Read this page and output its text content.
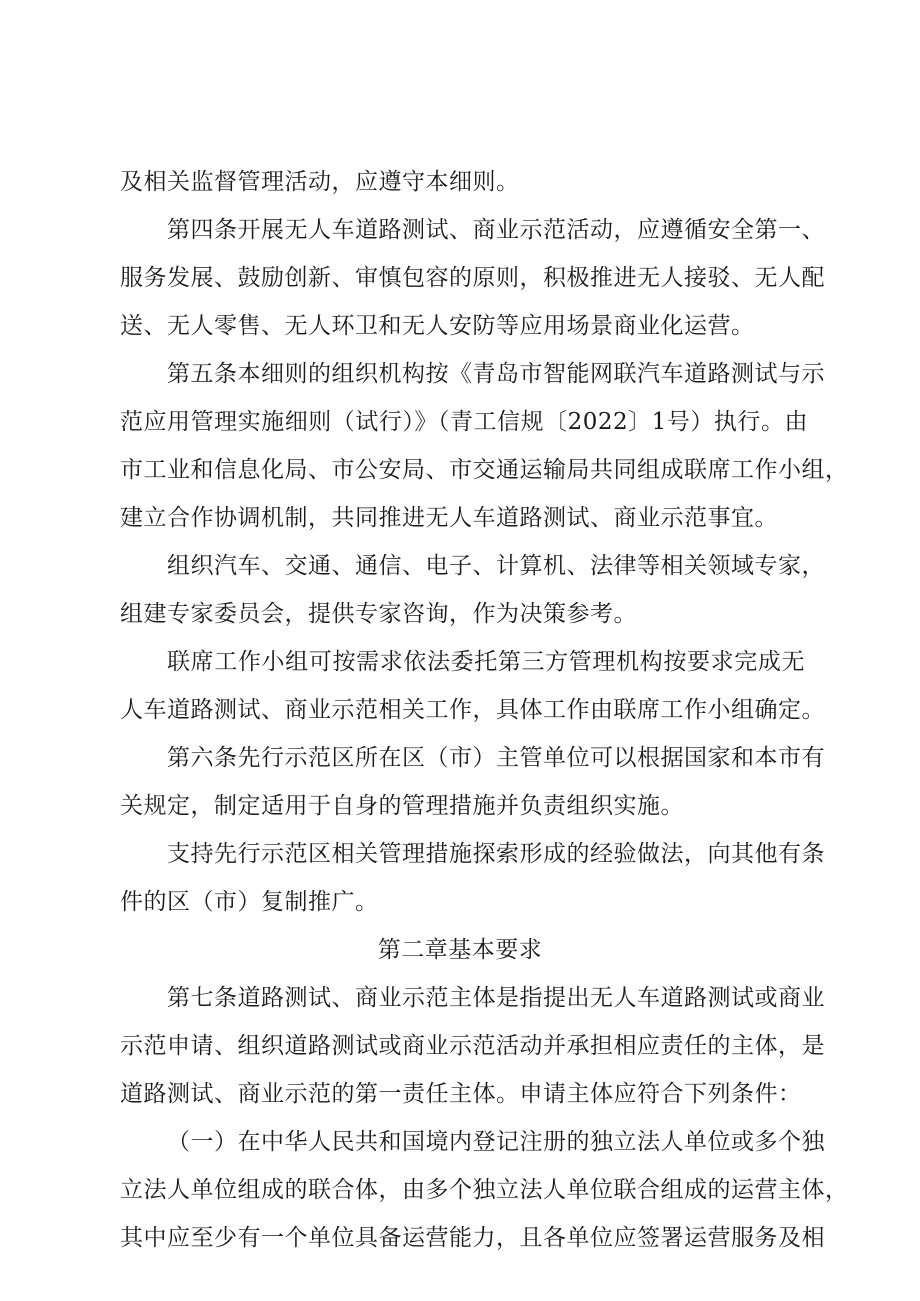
及相关监督管理活动，应遵守本细则。
第四条开展无人车道路测试、商业示范活动，应遵循安全第一、
服务发展、鼓励创新、审慎包容的原则，积极推进无人接驳、无人配
送、无人零售、无人环卫和无人安防等应用场景商业化运营。
第五条本细则的组织机构按《青岛市智能网联汽车道路测试与示
范应用管理实施细则（试行）》（青工信规〔2022〕1号）执行。由
市工业和信息化局、市公安局、市交通运输局共同组成联席工作小组，
建立合作协调机制，共同推进无人车道路测试、商业示范事宜。
组织汽车、交通、通信、电子、计算机、法律等相关领域专家，
组建专家委员会，提供专家咨询，作为决策参考。
联席工作小组可按需求依法委托第三方管理机构按要求完成无
人车道路测试、商业示范相关工作，具体工作由联席工作小组确定。
第六条先行示范区所在区（市）主管单位可以根据国家和本市有
关规定，制定适用于自身的管理措施并负责组织实施。
支持先行示范区相关管理措施探索形成的经验做法，向其他有条
件的区（市）复制推广。
第二章基本要求
第七条道路测试、商业示范主体是指提出无人车道路测试或商业
示范申请、组织道路测试或商业示范活动并承担相应责任的主体，是
道路测试、商业示范的第一责任主体。申请主体应符合下列条件：
（一）在中华人民共和国境内登记注册的独立法人单位或多个独
立法人单位组成的联合体，由多个独立法人单位联合组成的运营主体，
其中应至少有一个单位具备运营能力，且各单位应签署运营服务及相
